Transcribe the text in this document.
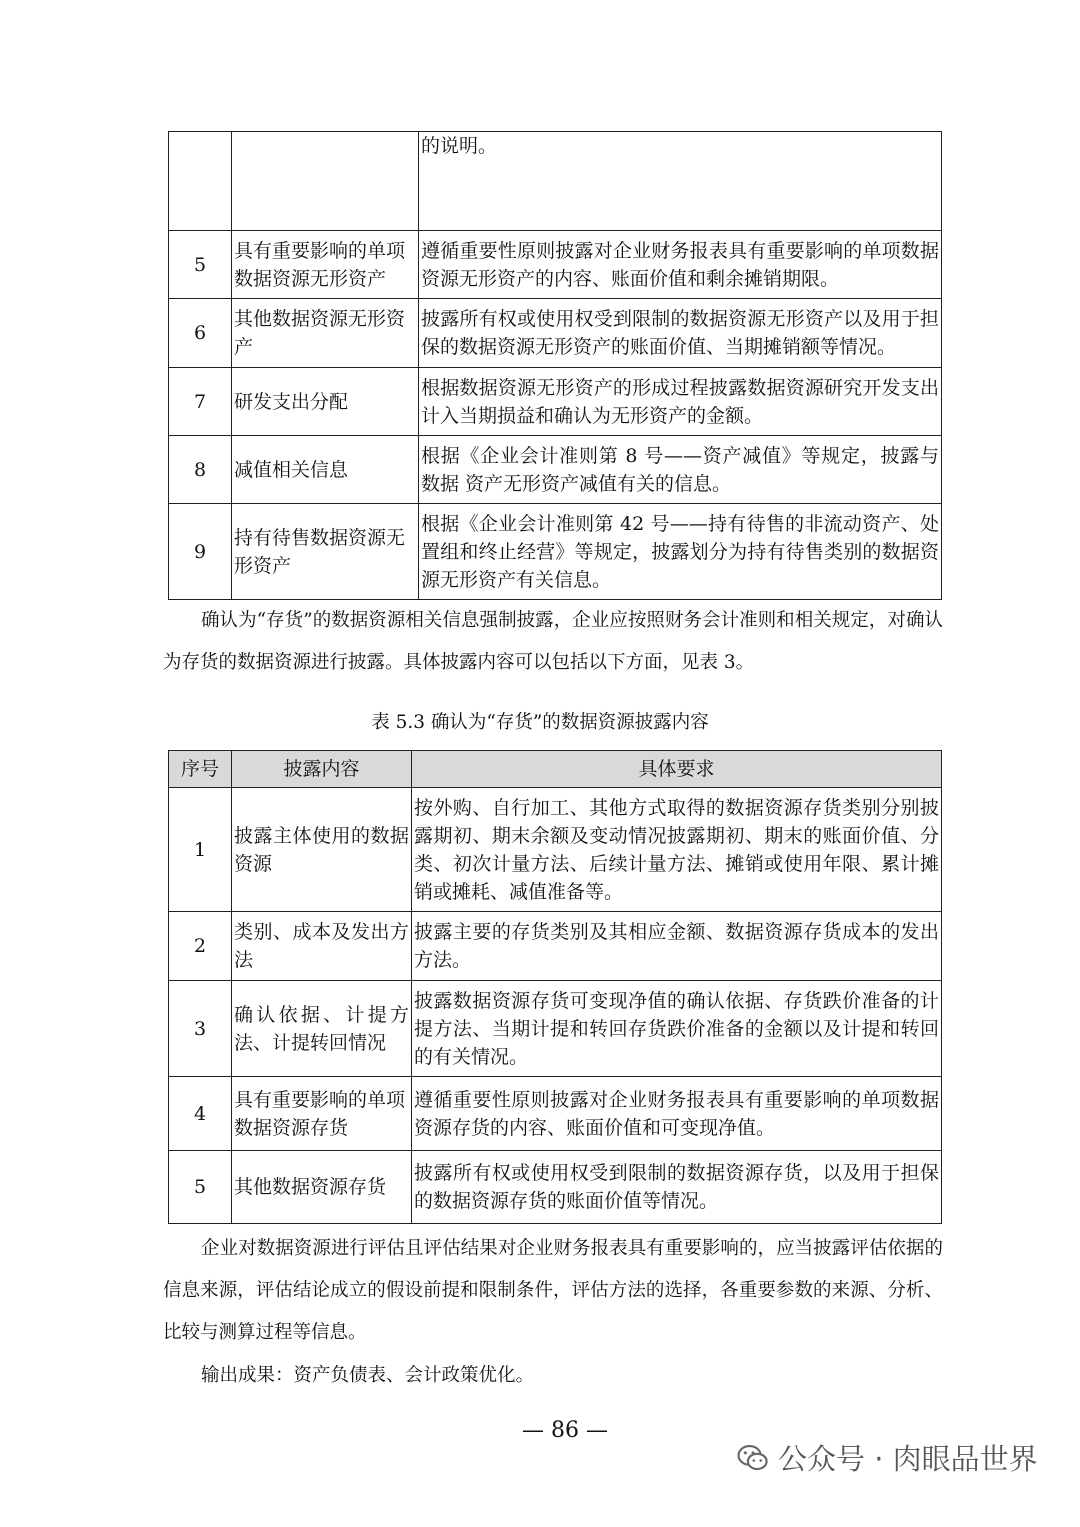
		的说明。
5	具有重要影响的单项数据资源无形资产	遵循重要性原则披露对企业财务报表具有重要影响的单项数据资源无形资产的内容、账面价值和剩余摊销期限。
6	其他数据资源无形资产	披露所有权或使用权受到限制的数据资源无形资产以及用于担保的数据资源无形资产的账面价值、当期摊销额等情况。
7	研发支出分配	根据数据资源无形资产的形成过程披露数据资源研究开发支出计入当期损益和确认为无形资产的金额。
8	减值相关信息	根据《企业会计准则第 8 号——资产减值》等规定，披露与数据 资产无形资产减值有关的信息。
9	持有待售数据资源无形资产	根据《企业会计准则第 42 号——持有待售的非流动资产、处置组和终止经营》等规定，披露划分为持有待售类别的数据资源无形资产有关信息。

确认为“存货”的数据资源相关信息强制披露，企业应按照财务会计准则和相关规定，对确认为存货的数据资源进行披露。具体披露内容可以包括以下方面，见表 3。

表 5.3 确认为“存货”的数据资源披露内容
序号	披露内容	具体要求
1	披露主体使用的数据资源	按外购、自行加工、其他方式取得的数据资源存货类别分别披露期初、期末余额及变动情况披露期初、期末的账面价值、分类、初次计量方法、后续计量方法、摊销或使用年限、累计摊销或摊耗、减值准备等。
2	类别、成本及发出方法	披露主要的存货类别及其相应金额、数据资源存货成本的发出方法。
3	确认依据、计提方法、计提转回情况	披露数据资源存货可变现净值的确认依据、存货跌价准备的计提方法、当期计提和转回存货跌价准备的金额以及计提和转回的有关情况。
4	具有重要影响的单项数据资源存货	遵循重要性原则披露对企业财务报表具有重要影响的单项数据资源存货的内容、账面价值和可变现净值。
5	其他数据资源存货	披露所有权或使用权受到限制的数据资源存货，以及用于担保的数据资源存货的账面价值等情况。

企业对数据资源进行评估且评估结果对企业财务报表具有重要影响的，应当披露评估依据的信息来源，评估结论成立的假设前提和限制条件，评估方法的选择，各重要参数的来源、分析、比较与测算过程等信息。

输出成果：资产负债表、会计政策优化。

— 86 —
公众号 · 肉眼品世界
